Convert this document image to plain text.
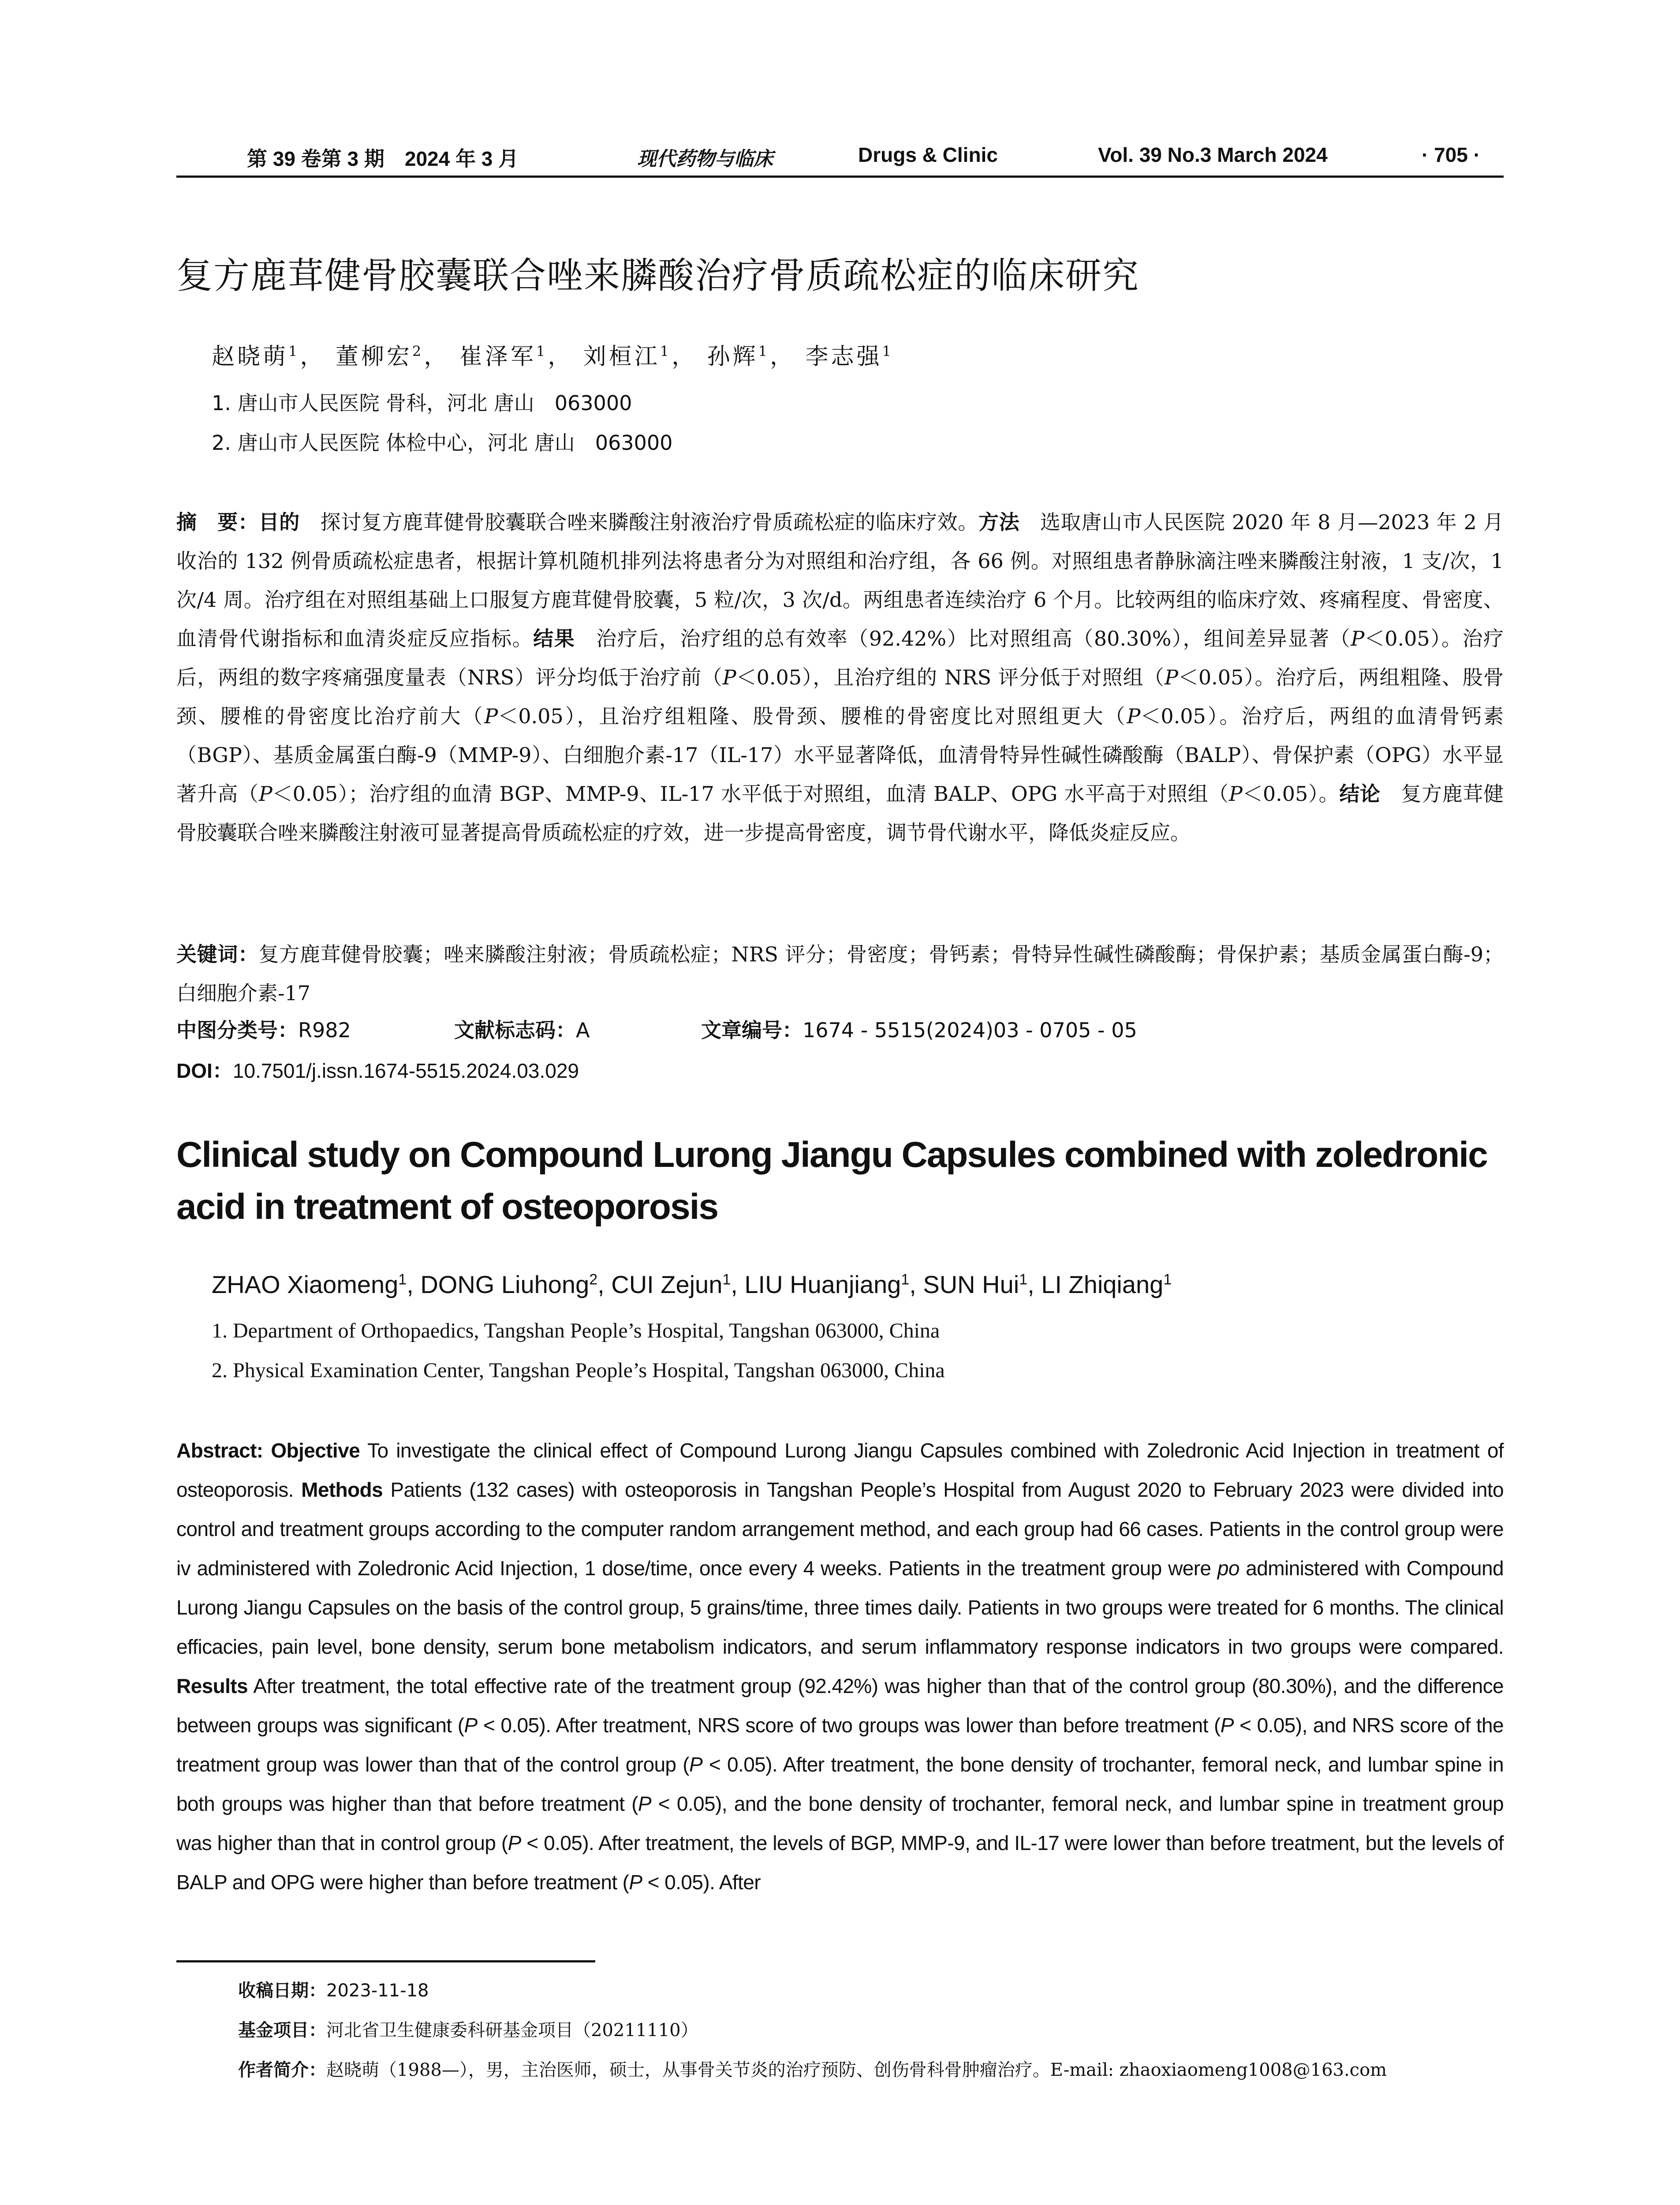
第 39 卷第 3 期　2024 年 3 月	现代药物与临床	Drugs & Clinic	Vol. 39 No.3 March 2024	· 705 ·
复方鹿茸健骨胶囊联合唑来膦酸治疗骨质疏松症的临床研究
赵晓萌$^1$， 董柳宏$^2$， 崔泽军$^1$， 刘桓江$^1$， 孙辉$^1$， 李志强$^1$
1. 唐山市人民医院 骨科，河北 唐山　063000
2. 唐山市人民医院 体检中心，河北 唐山　063000

摘　要：目的　 探讨复方鹿茸健骨胶囊联合唑来膦酸注射液治疗骨质疏松症的临床疗效。方法　 选取唐山市人民医院 2020 年 8 月—2023 年 2 月收治的 132 例骨质疏松症患者，根据计算机随机排列法将患者分为对照组和治疗组，各 66 例。对照组患者静脉滴注唑来膦酸注射液，1 支/次，1 次/4 周。治疗组在对照组基础上口服复方鹿茸健骨胶囊，5 粒/次，3 次/d。两组患者连续治疗 6 个月。比较两组的临床疗效、疼痛程度、骨密度、血清骨代谢指标和血清炎症反应指标。结果　 治疗后，治疗组的总有效率（92.42%）比对照组高（80.30%），组间差异显著（P＜0.05）。治疗后，两组的数字疼痛强度量表（NRS）评分均低于治疗前（P＜0.05），且治疗组的 NRS 评分低于对照组（P＜0.05）。治疗后，两组粗隆、股骨颈、腰椎的骨密度比治疗前大（P＜0.05），且治疗组粗隆、股骨颈、腰椎的骨密度比对照组更大（P＜0.05）。治疗后，两组的血清骨钙素（BGP）、基质金属蛋白酶-9（MMP-9）、白细胞介素-17（IL-17）水平显著降低，血清骨特异性碱性磷酸酶（BALP）、骨保护素（OPG）水平显著升高（P＜0.05）；治疗组的血清 BGP、MMP-9、IL-17 水平低于对照组，血清 BALP、OPG 水平高于对照组（P＜0.05）。结论　 复方鹿茸健骨胶囊联合唑来膦酸注射液可显著提高骨质疏松症的疗效，进一步提高骨密度，调节骨代谢水平，降低炎症反应。

关键词：复方鹿茸健骨胶囊；唑来膦酸注射液；骨质疏松症；NRS 评分；骨密度；骨钙素；骨特异性碱性磷酸酶；骨保护素；基质金属蛋白酶-9；白细胞介素-17

中图分类号：R982	文献标志码：A	文章编号：1674 - 5515(2024)03 - 0705 - 05
DOI：10.7501/j.issn.1674-5515.2024.03.029

Clinical study on Compound Lurong Jiangu Capsules combined with zoledronic acid in treatment of osteoporosis

ZHAO Xiaomeng$^1$, DONG Liuhong$^2$, CUI Zejun$^1$, LIU Huanjiang$^1$, SUN Hui$^1$, LI Zhiqiang$^1$
1. Department of Orthopaedics, Tangshan People’s Hospital, Tangshan 063000, China
2. Physical Examination Center, Tangshan People’s Hospital, Tangshan 063000, China

Abstract: Objective To investigate the clinical effect of Compound Lurong Jiangu Capsules combined with Zoledronic Acid Injection in treatment of osteoporosis. Methods Patients (132 cases) with osteoporosis in Tangshan People’s Hospital from August 2020 to February 2023 were divided into control and treatment groups according to the computer random arrangement method, and each group had 66 cases. Patients in the control group were iv administered with Zoledronic Acid Injection, 1 dose/time, once every 4 weeks. Patients in the treatment group were po administered with Compound Lurong Jiangu Capsules on the basis of the control group, 5 grains/time, three times daily. Patients in two groups were treated for 6 months. The clinical efficacies, pain level, bone density, serum bone metabolism indicators, and serum inflammatory response indicators in two groups were compared. Results After treatment, the total effective rate of the treatment group (92.42%) was higher than that of the control group (80.30%), and the difference between groups was significant (P < 0.05). After treatment, NRS score of two groups was lower than before treatment (P < 0.05), and NRS score of the treatment group was lower than that of the control group (P < 0.05). After treatment, the bone density of trochanter, femoral neck, and lumbar spine in both groups was higher than that before treatment (P < 0.05), and the bone density of trochanter, femoral neck, and lumbar spine in treatment group was higher than that in control group (P < 0.05). After treatment, the levels of BGP, MMP-9, and IL-17 were lower than before treatment, but the levels of BALP and OPG were higher than before treatment (P < 0.05). After

收稿日期：2023-11-18
基金项目：河北省卫生健康委科研基金项目（20211110）
作者简介：赵晓萌（1988—），男，主治医师，硕士，从事骨关节炎的治疗预防、创伤骨科骨肿瘤治疗。E-mail: zhaoxiaomeng1008@163.com
